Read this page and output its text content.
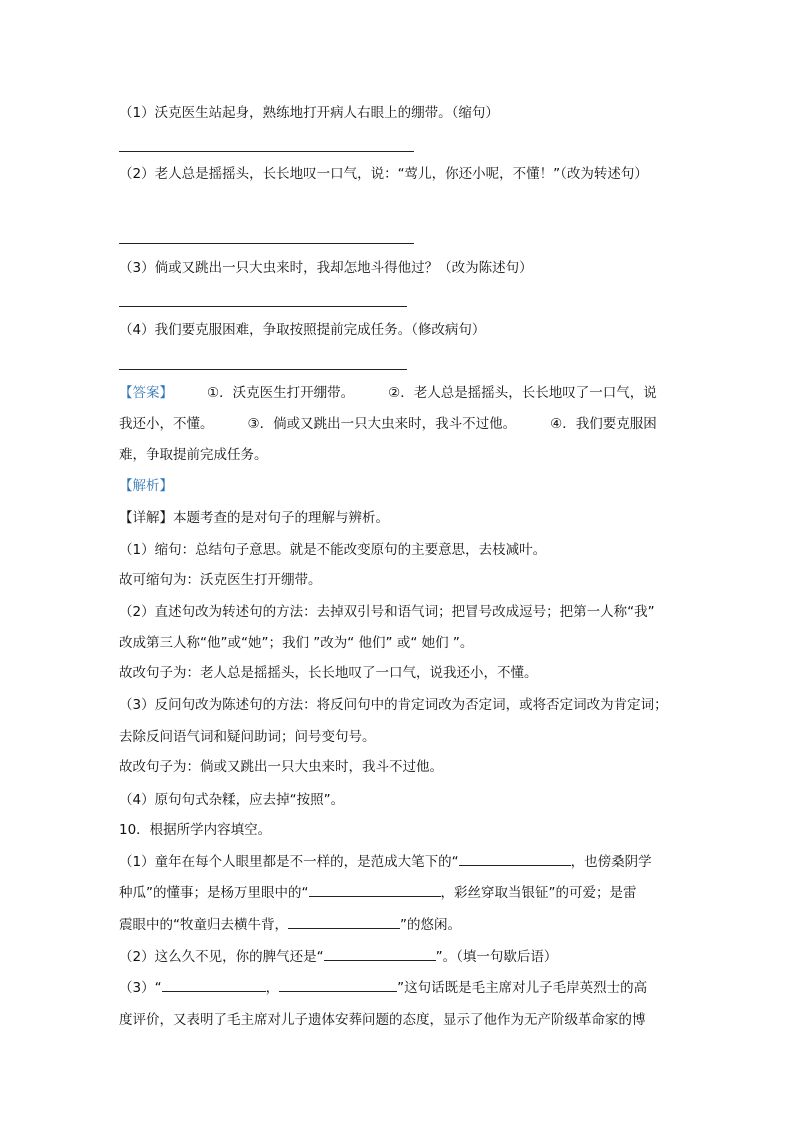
（1）沃克医生站起身，熟练地打开病人右眼上的绷带。（缩句）
（2）老人总是摇摇头，长长地叹一口气，说：“莺儿，你还小呢，不懂！”（改为转述句）
（3）倘或又跳出一只大虫来时，我却怎地斗得他过？（改为陈述句）
（4）我们要克服困难，争取按照提前完成任务。（修改病句）
【答案】	①．沃克医生打开绷带。	②．老人总是摇摇头，长长地叹了一口气，说
我还小，不懂。	③．倘或又跳出一只大虫来时，我斗不过他。	④．我们要克服困
难，争取提前完成任务。
【解析】
【详解】本题考查的是对句子的理解与辨析。
（1）缩句：总结句子意思。就是不能改变原句的主要意思，去枝减叶。
故可缩句为：沃克医生打开绷带。
（2）直述句改为转述句的方法：去掉双引号和语气词；把冒号改成逗号；把第一人称“我”
改成第三人称“他”或“她”；我们 ”改为“ 他们” 或“ 她们 ”。
故改句子为：老人总是摇摇头，长长地叹了一口气，说我还小，不懂。
（3）反问句改为陈述句的方法：将反问句中的肯定词改为否定词，或将否定词改为肯定词；
去除反问语气词和疑问助词；问号变句号。
故改句子为：倘或又跳出一只大虫来时，我斗不过他。
（4）原句句式杂糅，应去掉“按照”。
10．根据所学内容填空。
（1）童年在每个人眼里都是不一样的，是范成大笔下的“	，也傍桑阴学
种瓜”的懂事；是杨万里眼中的“	，彩丝穿取当银钲”的可爱；是雷
震眼中的“牧童归去横牛背，	”的悠闲。
（2）这么久不见，你的脾气还是“	”。（填一句歇后语）
（3）“	，	”这句话既是毛主席对儿子毛岸英烈士的高
度评价，又表明了毛主席对儿子遗体安葬问题的态度，显示了他作为无产阶级革命家的博
